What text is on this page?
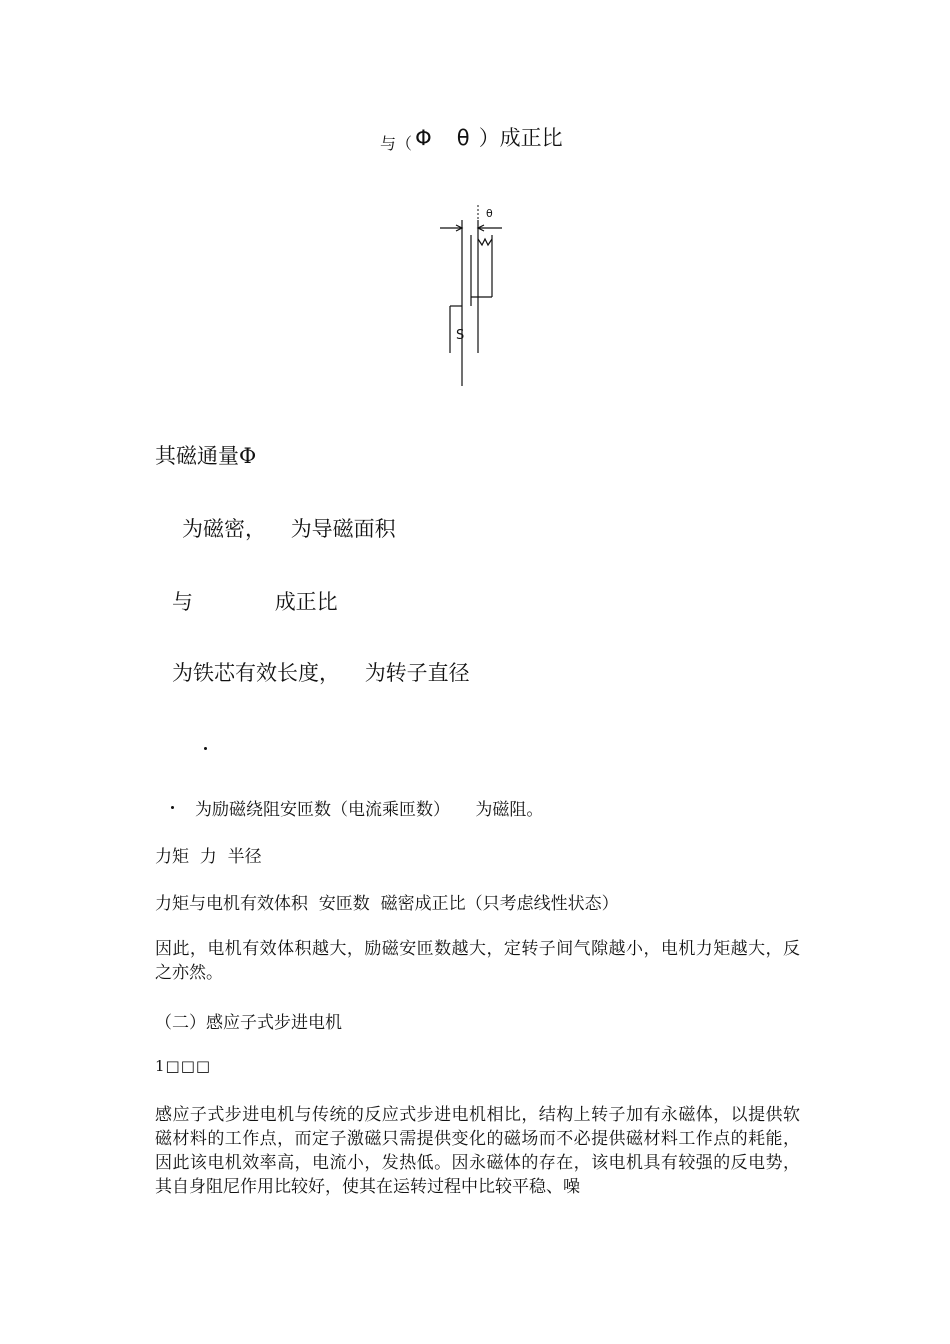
与（ Φ θ ）成正比
θ
S
其磁通量Φ
为磁密， 为导磁面积
与	成正比
为铁芯有效长度， 为转子直径
为励磁绕阻安匝数（电流乘匝数） 为磁阻。
力矩  力  半径
力矩与电机有效体积  安匝数  磁密成正比（只考虑线性状态）
因此，电机有效体积越大，励磁安匝数越大，定转子间气隙越小，电机力矩越大，反之亦然。
（二）感应子式步进电机
1□□□
感应子式步进电机与传统的反应式步进电机相比，结构上转子加有永磁体，以提供软磁材料的工作点，而定子激磁只需提供变化的磁场而不必提供磁材料工作点的耗能，因此该电机效率高，电流小，发热低。因永磁体的存在，该电机具有较强的反电势，其自身阻尼作用比较好，使其在运转过程中比较平稳、噪
